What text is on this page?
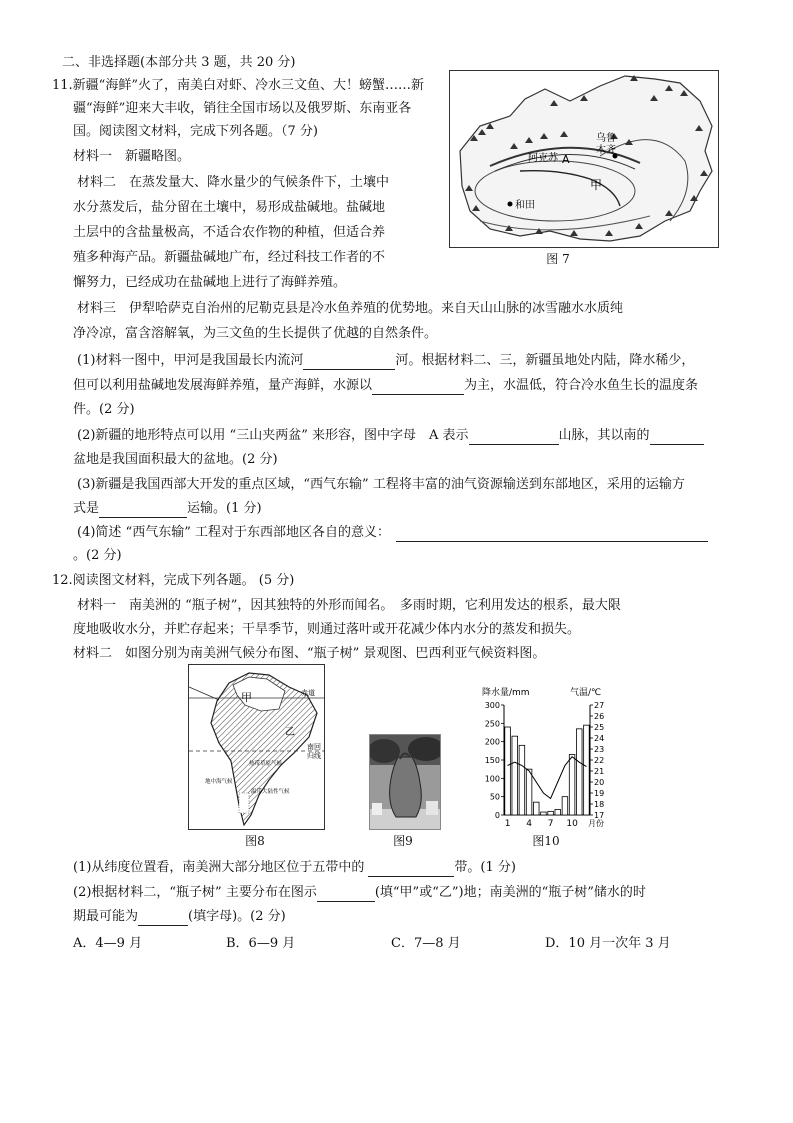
二、非选择题(本部分共 3 题，共 20 分)
11.新疆“海鲜”火了，南美白对虾、冷水三文鱼、大！螃蟹……新
疆“海鲜”迎来大丰收，销往全国市场以及俄罗斯、东南亚各
国。阅读图文材料，完成下列各题。（7 分)
材料一　新疆略图。
材料二　在蒸发量大、降水量少的气候条件下，土壤中
水分蒸发后，盐分留在土壤中，易形成盐碱地。盐碱地
土层中的含盐量极高，不适合农作物的种植，但适合养
殖多种海产品。新疆盐碱地广布，经过科技工作者的不
懈努力，已经成功在盐碱地上进行了海鲜养殖。
材料三　伊犁哈萨克自治州的尼勒克县是冷水鱼养殖的优势地。来自天山山脉的冰雪融水水质纯
净冷凉，富含溶解氧，为三文鱼的生长提供了优越的自然条件。
阿克苏 A
乌鲁
木齐
甲
和田
图 7
(1)材料一图中，甲河是我国最长内流河	河。根据材料二、三，新疆虽地处内陆，降水稀少，
但可以利用盐碱地发展海鲜养殖，量产海鲜，水源以	为主，水温低，符合冷水鱼生长的温度条
件。(2 分)
(2)新疆的地形特点可以用 “三山夹两盆” 来形容，图中字母　A 表示	山脉，其以南的
盆地是我国面积最大的盆地。(2 分)
(3)新疆是我国西部大开发的重点区域，“西气东输” 工程将丰富的油气资源输送到东部地区，采用的运输方
式是	运输。(1 分)
(4)简述 “西气东输” 工程对于东西部地区各自的意义：
。(2 分)
12.阅读图文材料，完成下列各题。 (5 分)
材料一　南美洲的 “瓶子树”，因其独特的外形而闻名。　多雨时期，它利用发达的根系，最大限
度地吸收水分，并贮存起来；干旱季节，则通过落叶或开花减少体内水分的蒸发和损失。
材料二　如图分别为南美洲气候分布图、“瓶子树” 景观图、巴西利亚气候资料图。
甲
乙
赤道
南回
归线
热带草原气候
地中海气候
温带大陆性气候
图8	图9
降水量/mm	气温/℃
300
250
200
150
100
50
0
27
26
25
24
23
22
21
20
19
18
17
1 4 7 10 月份
图10
(1)从纬度位置看，南美洲大部分地区位于五带中的	带。(1 分)
(2)根据材料二，“瓶子树” 主要分布在图示	(填“甲”或“乙”)地；南美洲的“瓶子树”储水的时
期最可能为	(填字母)。(2 分)
A．4—9 月	B．6—9 月	C．7—8 月	D．10 月一次年 3 月
